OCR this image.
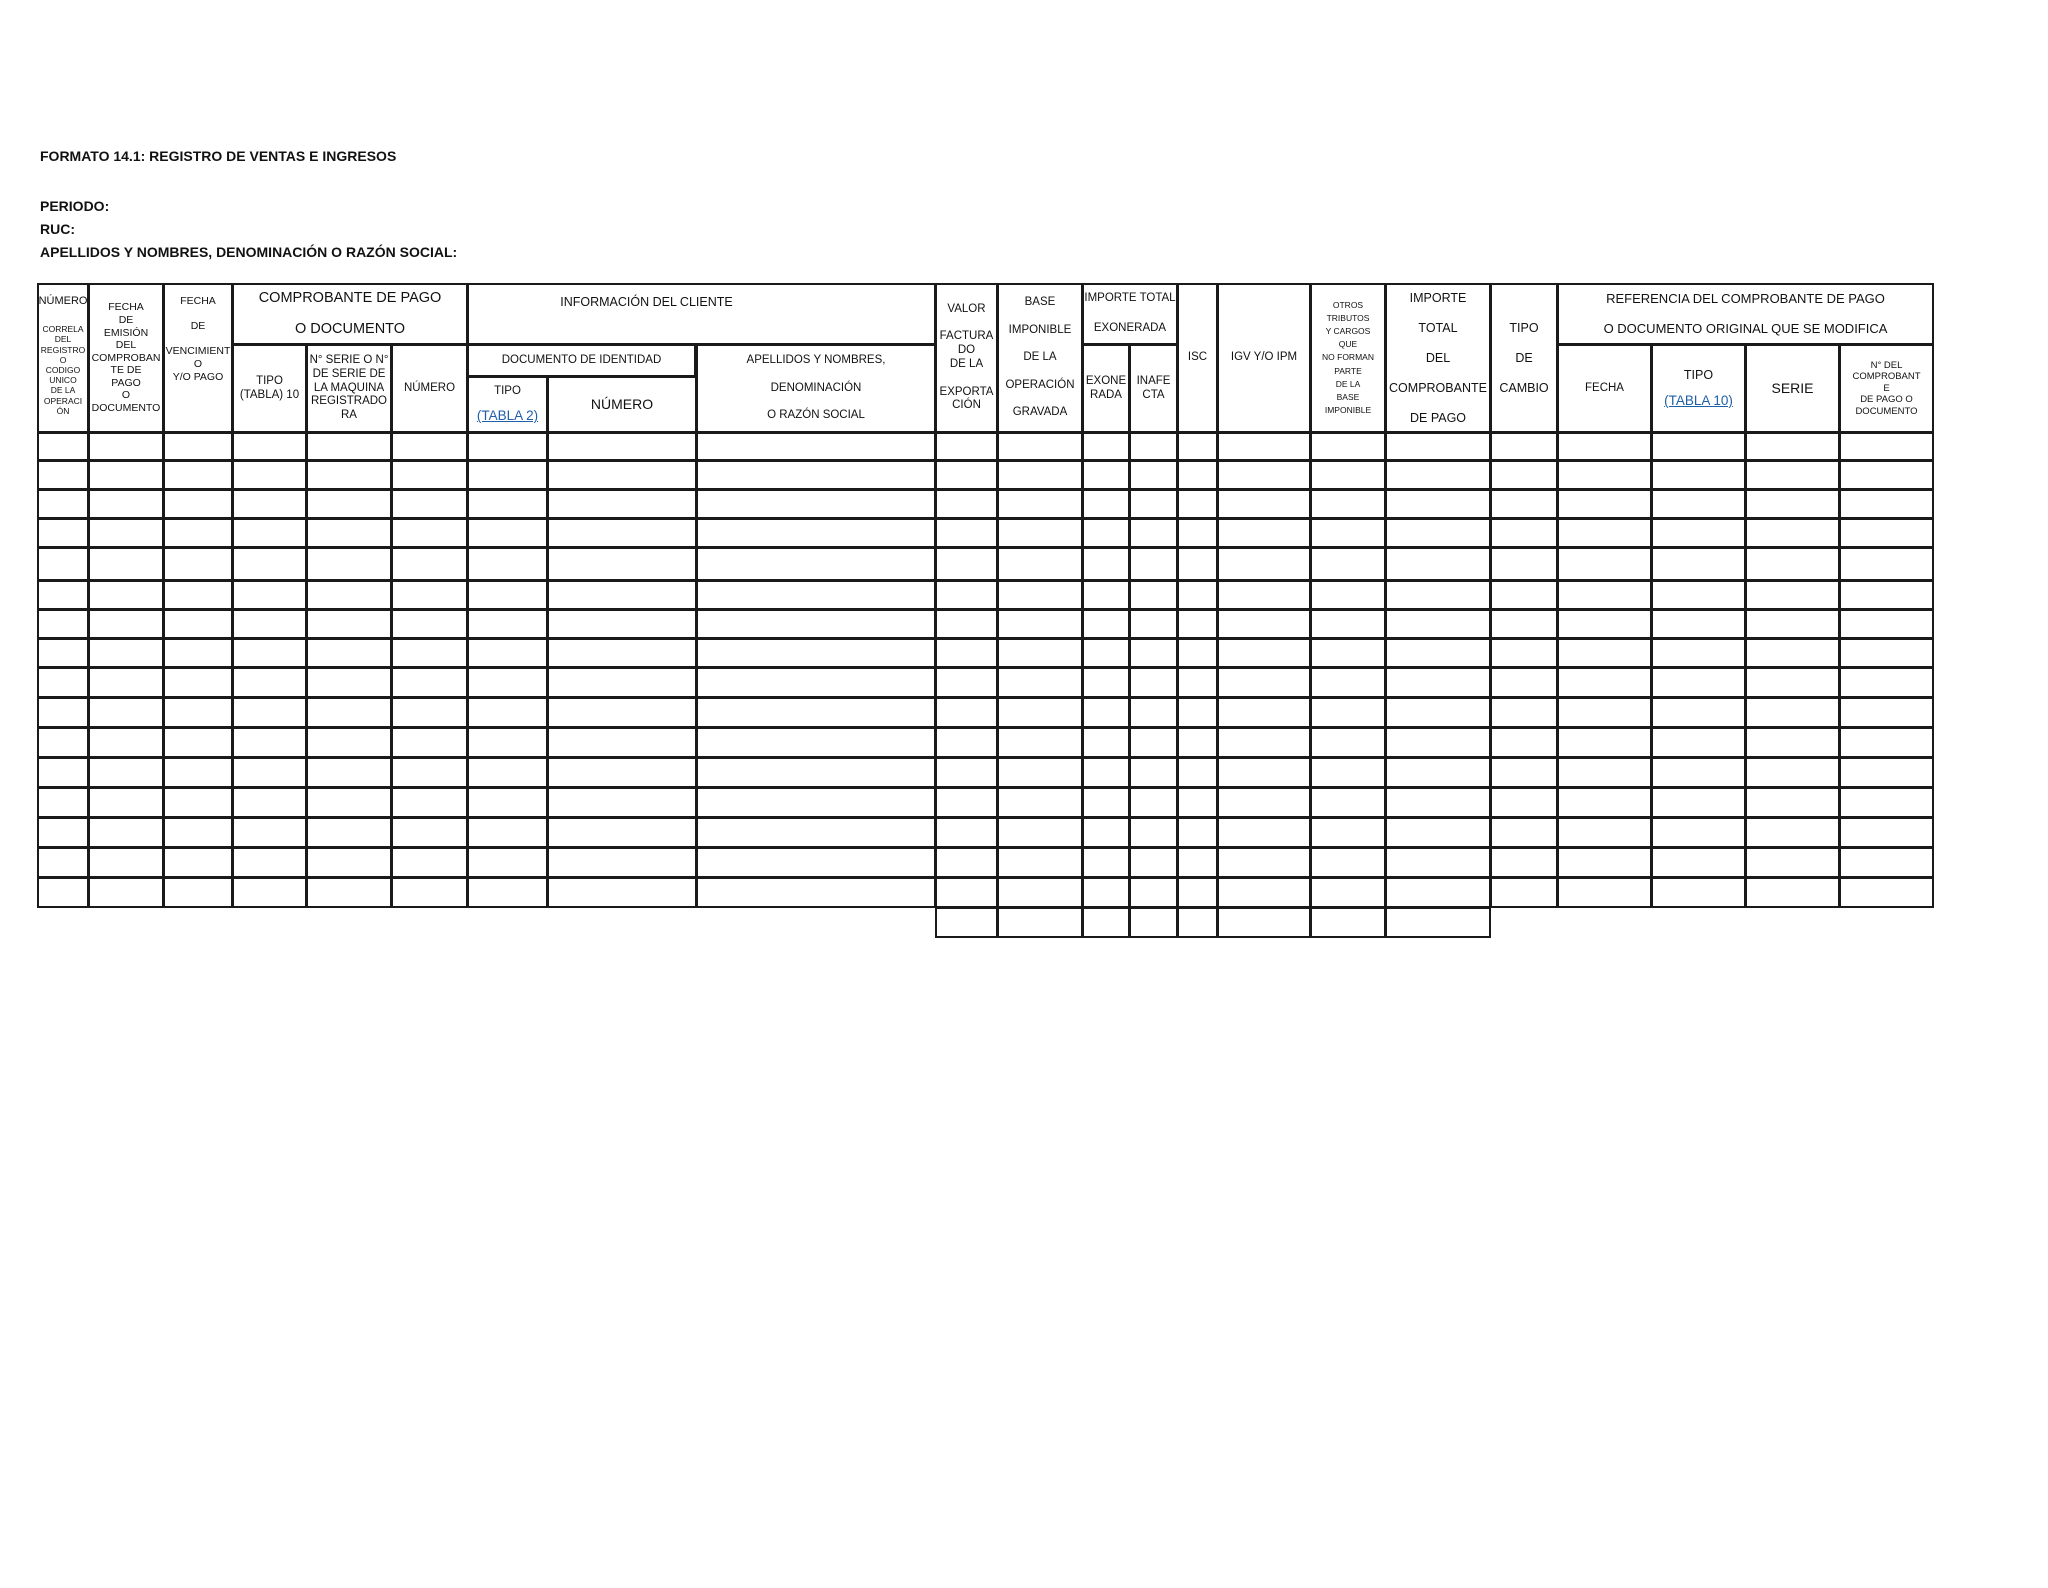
FORMATO 14.1: REGISTRO DE VENTAS E INGRESOS
PERIODO:
RUC:
APELLIDOS Y NOMBRES, DENOMINACIÓN O RAZÓN SOCIAL:
NÚMERO
CORRELA
DEL
REGISTRO
O
CODIGO
UNICO
DE LA
OPERACI
ÓN
FECHA
DE
EMISIÓN
DEL
COMPROBAN
TE DE
PAGO
O
DOCUMENTO
FECHA

DE

VENCIMIENT
O
Y/O PAGO
COMPROBANTE DE PAGO
O DOCUMENTO
TIPO
(TABLA) 10
N° SERIE O N°
DE SERIE DE
LA MAQUINA
REGISTRADO
RA
NÚMERO
INFORMACIÓN DEL CLIENTE
DOCUMENTO DE IDENTIDAD
TIPO
(TABLA 2)
NÚMERO
APELLIDOS Y NOMBRES,

DENOMINACIÓN

O RAZÓN SOCIAL
VALOR

FACTURA
DO
DE LA

EXPORTA
CIÓN
BASE

IMPONIBLE

DE LA

OPERACIÓN

GRAVADA
IMPORTE TOTAL
EXONERADA
EXONE
RADA
INAFE
CTA
ISC IGV Y/O IPM
OTROS
TRIBUTOS
Y CARGOS
QUE
NO FORMAN
PARTE
DE LA
BASE
IMPONIBLE
IMPORTE

TOTAL

DEL

COMPROBANTE

DE PAGO
TIPO

DE

CAMBIO
REFERENCIA DEL COMPROBANTE DE PAGO
O DOCUMENTO ORIGINAL QUE SE MODIFICA
FECHA
TIPO
(TABLA 10)
SERIE
N° DEL
COMPROBANT
E
DE PAGO O
DOCUMENTO
